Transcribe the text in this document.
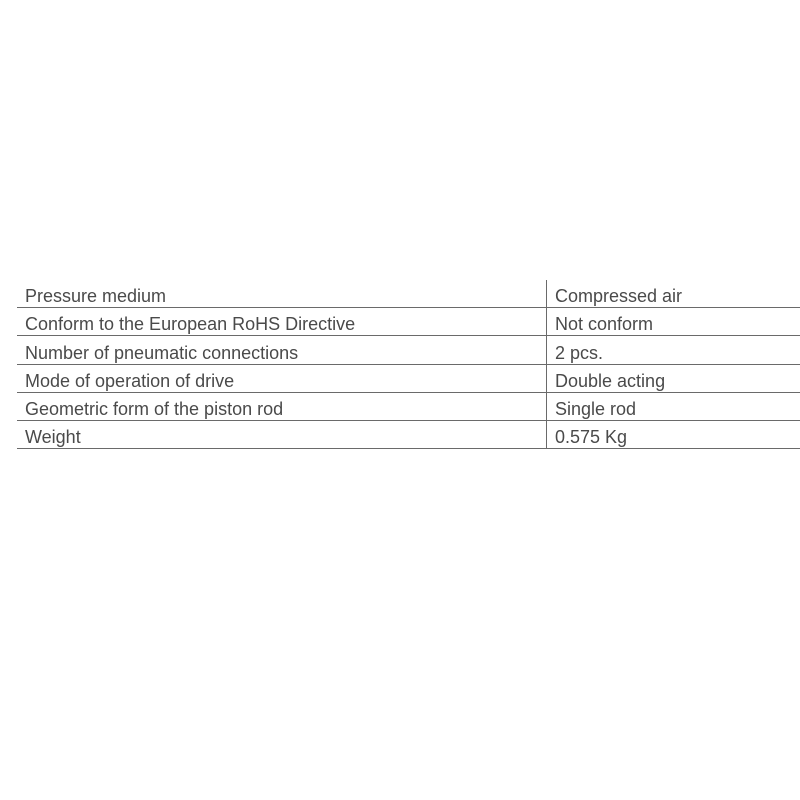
Pressure medium	Compressed air
Conform to the European RoHS Directive	Not conform
Number of pneumatic connections	2 pcs.
Mode of operation of drive	Double acting
Geometric form of the piston rod	Single rod
Weight	0.575 Kg
